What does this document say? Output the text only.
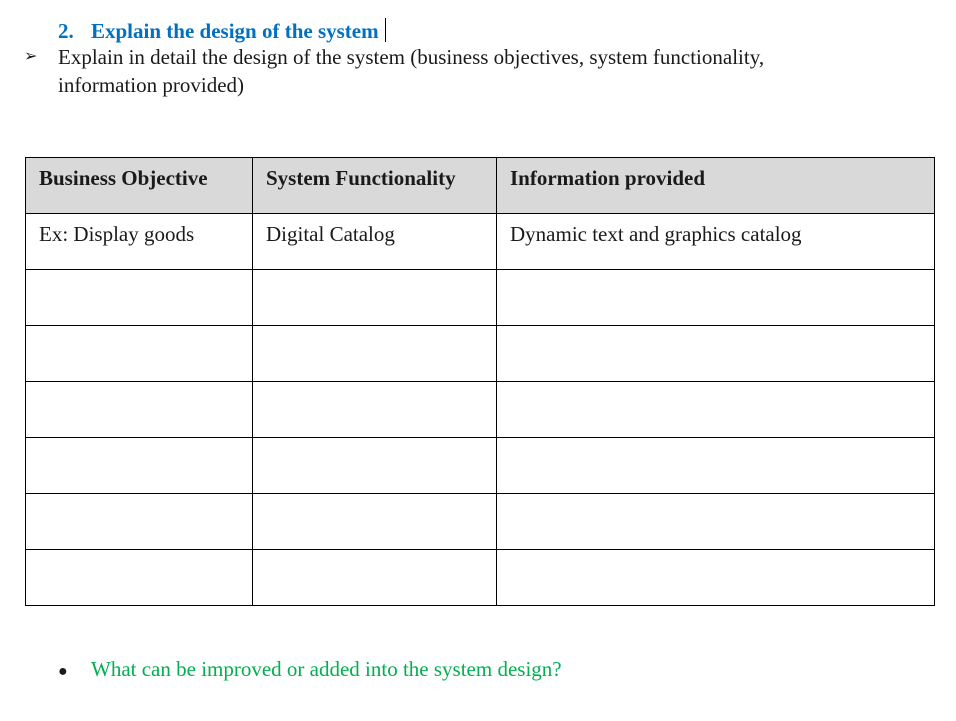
2. Explain the design of the system
➢ Explain in detail the design of the system (business objectives, system functionality, information provided)
Business Objective	System Functionality	Information provided
Ex: Display goods	Digital Catalog	Dynamic text and graphics catalog

● What can be improved or added into the system design?
